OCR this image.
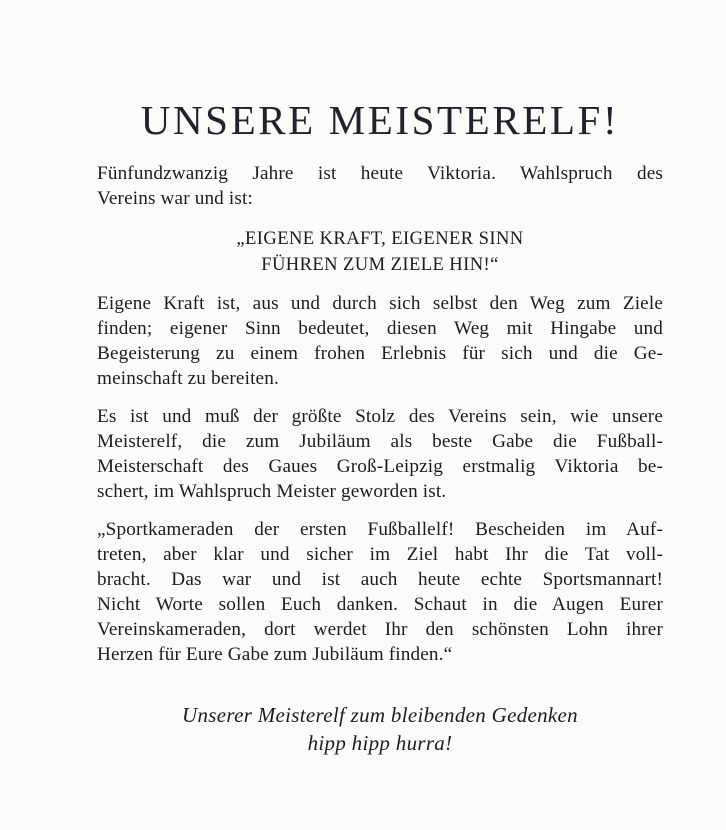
UNSERE MEISTERELF!
Fünfundzwanzig Jahre ist heute Viktoria. Wahlspruch des
Vereins war und ist:
„EIGENE KRAFT, EIGENER SINN
FÜHREN ZUM ZIELE HIN!“
Eigene Kraft ist, aus und durch sich selbst den Weg zum Ziele
finden; eigener Sinn bedeutet, diesen Weg mit Hingabe und
Begeisterung zu einem frohen Erlebnis für sich und die Ge-
meinschaft zu bereiten.
Es ist und muß der größte Stolz des Vereins sein, wie unsere
Meisterelf, die zum Jubiläum als beste Gabe die Fußball-
Meisterschaft des Gaues Groß-Leipzig erstmalig Viktoria be-
schert, im Wahlspruch Meister geworden ist.
„Sportkameraden der ersten Fußballelf! Bescheiden im Auf-
treten, aber klar und sicher im Ziel habt Ihr die Tat voll-
bracht. Das war und ist auch heute echte Sportsmannart!
Nicht Worte sollen Euch danken. Schaut in die Augen Eurer
Vereinskameraden, dort werdet Ihr den schönsten Lohn ihrer
Herzen für Eure Gabe zum Jubiläum finden.“
Unserer Meisterelf zum bleibenden Gedenken
hipp hipp hurra!
